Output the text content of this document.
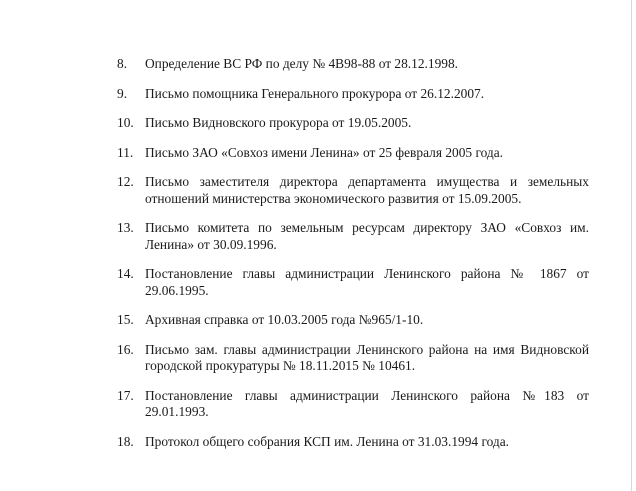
8.	Определение ВС РФ по делу № 4В98-88 от 28.12.1998.
9.	Письмо помощника Генерального прокурора от 26.12.2007.
10. Письмо Видновского прокурора от 19.05.2005.
11. Письмо ЗАО «Совхоз имени Ленина» от 25 февраля 2005 года.
12. Письмо заместителя директора департамента имущества и земельных
отношений министерства экономического развития от 15.09.2005.
13. Письмо комитета по земельным ресурсам директору ЗАО «Совхоз им.
Ленина» от 30.09.1996.
14. Постановление главы администрации Ленинского района № 1867 от
29.06.1995.
15. Архивная справка от 10.03.2005 года №965/1-10.
16. Письмо зам. главы администрации Ленинского района на имя Видновской
городской прокуратуры № 18.11.2015 № 10461.
17. Постановление главы администрации Ленинского района №183 от
29.01.1993.
18. Протокол общего собрания КСП им. Ленина от 31.03.1994 года.
